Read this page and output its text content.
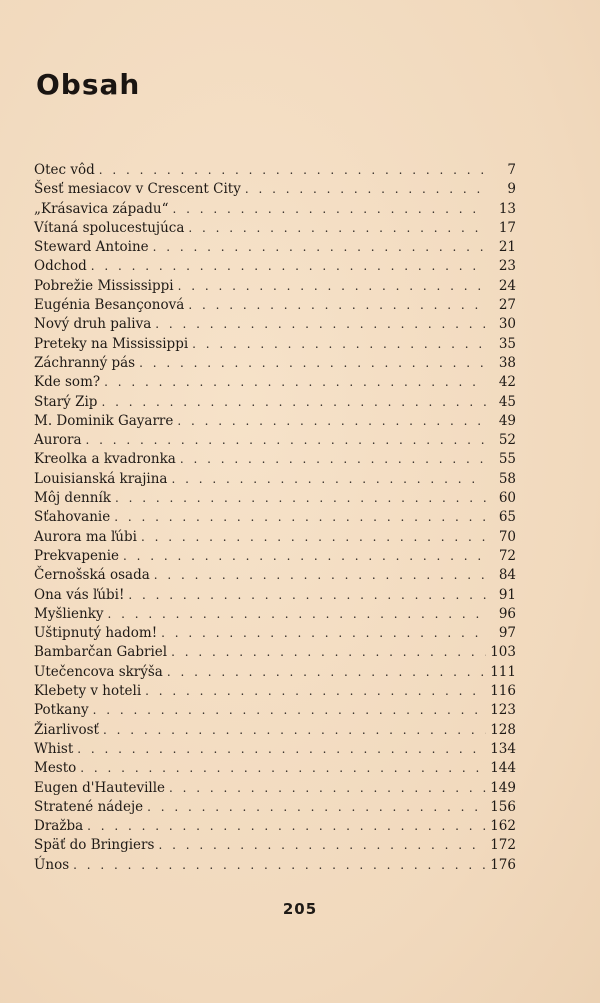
Obsah
Otec vôd . . .	7
Šesť mesiacov v Crescent City . . .	9
„Krásavica západu“ . . .	13
Vítaná spolucestujúca . . .	17
Steward Antoine . . .	21
Odchod . . .	23
Pobrežie Mississippi . . .	24
Eugénia Besançonová . . .	27
Nový druh paliva . . .	30
Preteky na Mississippi . . .	35
Záchranný pás . . .	38
Kde som? . . .	42
Starý Zip . . .	45
M. Dominik Gayarre . . .	49
Aurora . . .	52
Kreolka a kvadronka . . .	55
Louisianská krajina . . .	58
Môj denník . . .	60
Sťahovanie . . .	65
Aurora ma ľúbi . . .	70
Prekvapenie . . .	72
Černošská osada . . .	84
Ona vás ľúbi! . . .	91
Myšlienky . . .	96
Uštipnutý hadom! . . .	97
Bambarčan Gabriel . . .	103
Utečencova skrýša . . .	111
Klebety v hoteli . . .	116
Potkany . . .	123
Žiarlivosť . . .	128
Whist . . .	134
Mesto . . .	144
Eugen d'Hauteville . . .	149
Stratené nádeje . . .	156
Dražba . . .	162
Späť do Bringiers . . .	172
Únos . . .	176
205
